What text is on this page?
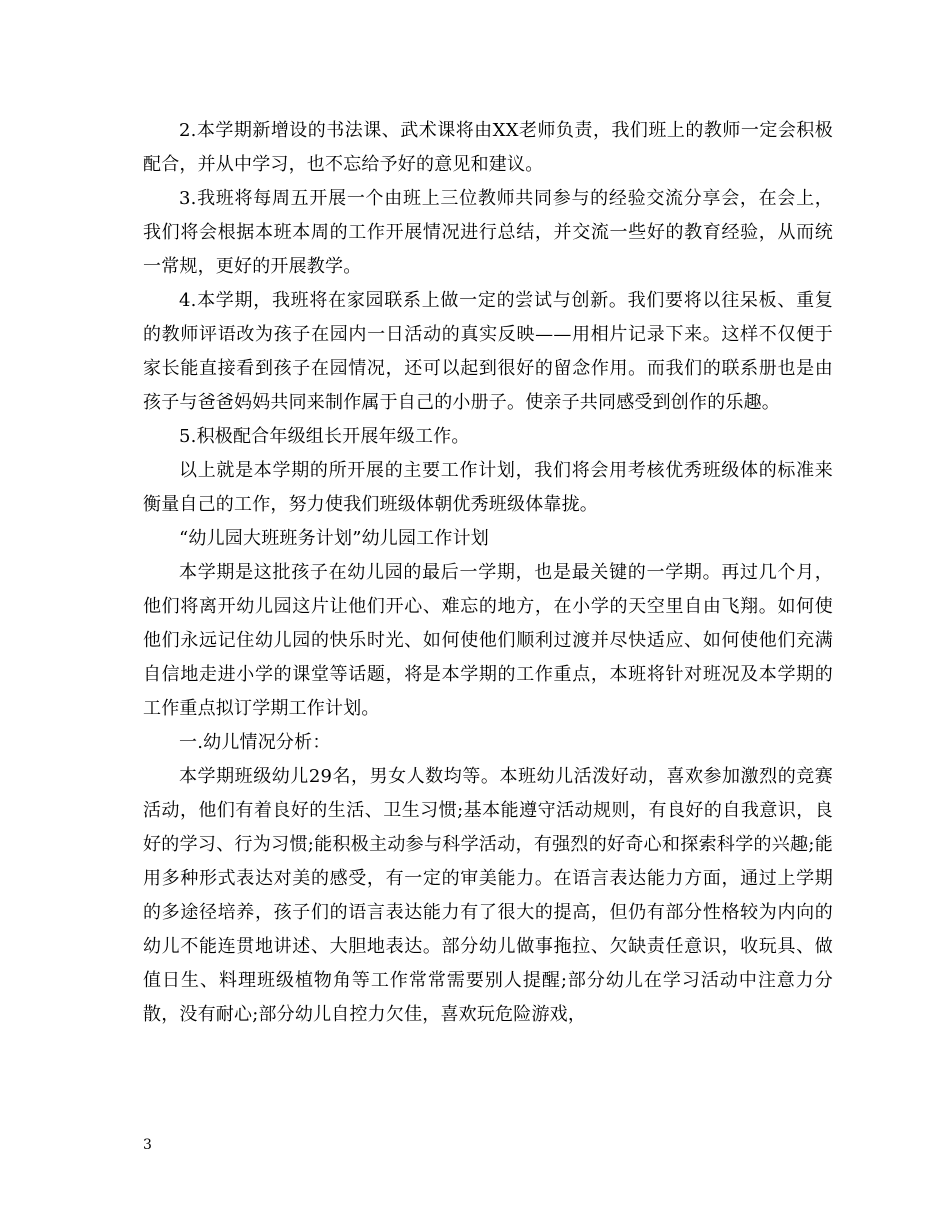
2.本学期新增设的书法课、武术课将由XX老师负责，我们班上的教师一定会积极配合，并从中学习，也不忘给予好的意见和建议。

3.我班将每周五开展一个由班上三位教师共同参与的经验交流分享会，在会上，我们将会根据本班本周的工作开展情况进行总结，并交流一些好的教育经验，从而统一常规，更好的开展教学。

4.本学期，我班将在家园联系上做一定的尝试与创新。我们要将以往呆板、重复的教师评语改为孩子在园内一日活动的真实反映——用相片记录下来。这样不仅便于家长能直接看到孩子在园情况，还可以起到很好的留念作用。而我们的联系册也是由孩子与爸爸妈妈共同来制作属于自己的小册子。使亲子共同感受到创作的乐趣。

5.积极配合年级组长开展年级工作。

以上就是本学期的所开展的主要工作计划，我们将会用考核优秀班级体的标准来衡量自己的工作，努力使我们班级体朝优秀班级体靠拢。

“幼儿园大班班务计划”幼儿园工作计划

本学期是这批孩子在幼儿园的最后一学期，也是最关键的一学期。再过几个月，他们将离开幼儿园这片让他们开心、难忘的地方，在小学的天空里自由飞翔。如何使他们永远记住幼儿园的快乐时光、如何使他们顺利过渡并尽快适应、如何使他们充满自信地走进小学的课堂等话题，将是本学期的工作重点，本班将针对班况及本学期的工作重点拟订学期工作计划。

一.幼儿情况分析：

本学期班级幼儿29名，男女人数均等。本班幼儿活泼好动，喜欢参加激烈的竞赛活动，他们有着良好的生活、卫生习惯;基本能遵守活动规则，有良好的自我意识，良好的学习、行为习惯;能积极主动参与科学活动，有强烈的好奇心和探索科学的兴趣;能用多种形式表达对美的感受，有一定的审美能力。在语言表达能力方面，通过上学期的多途径培养，孩子们的语言表达能力有了很大的提高，但仍有部分性格较为内向的幼儿不能连贯地讲述、大胆地表达。部分幼儿做事拖拉、欠缺责任意识，收玩具、做值日生、料理班级植物角等工作常常需要别人提醒;部分幼儿在学习活动中注意力分散，没有耐心;部分幼儿自控力欠佳，喜欢玩危险游戏，

3
